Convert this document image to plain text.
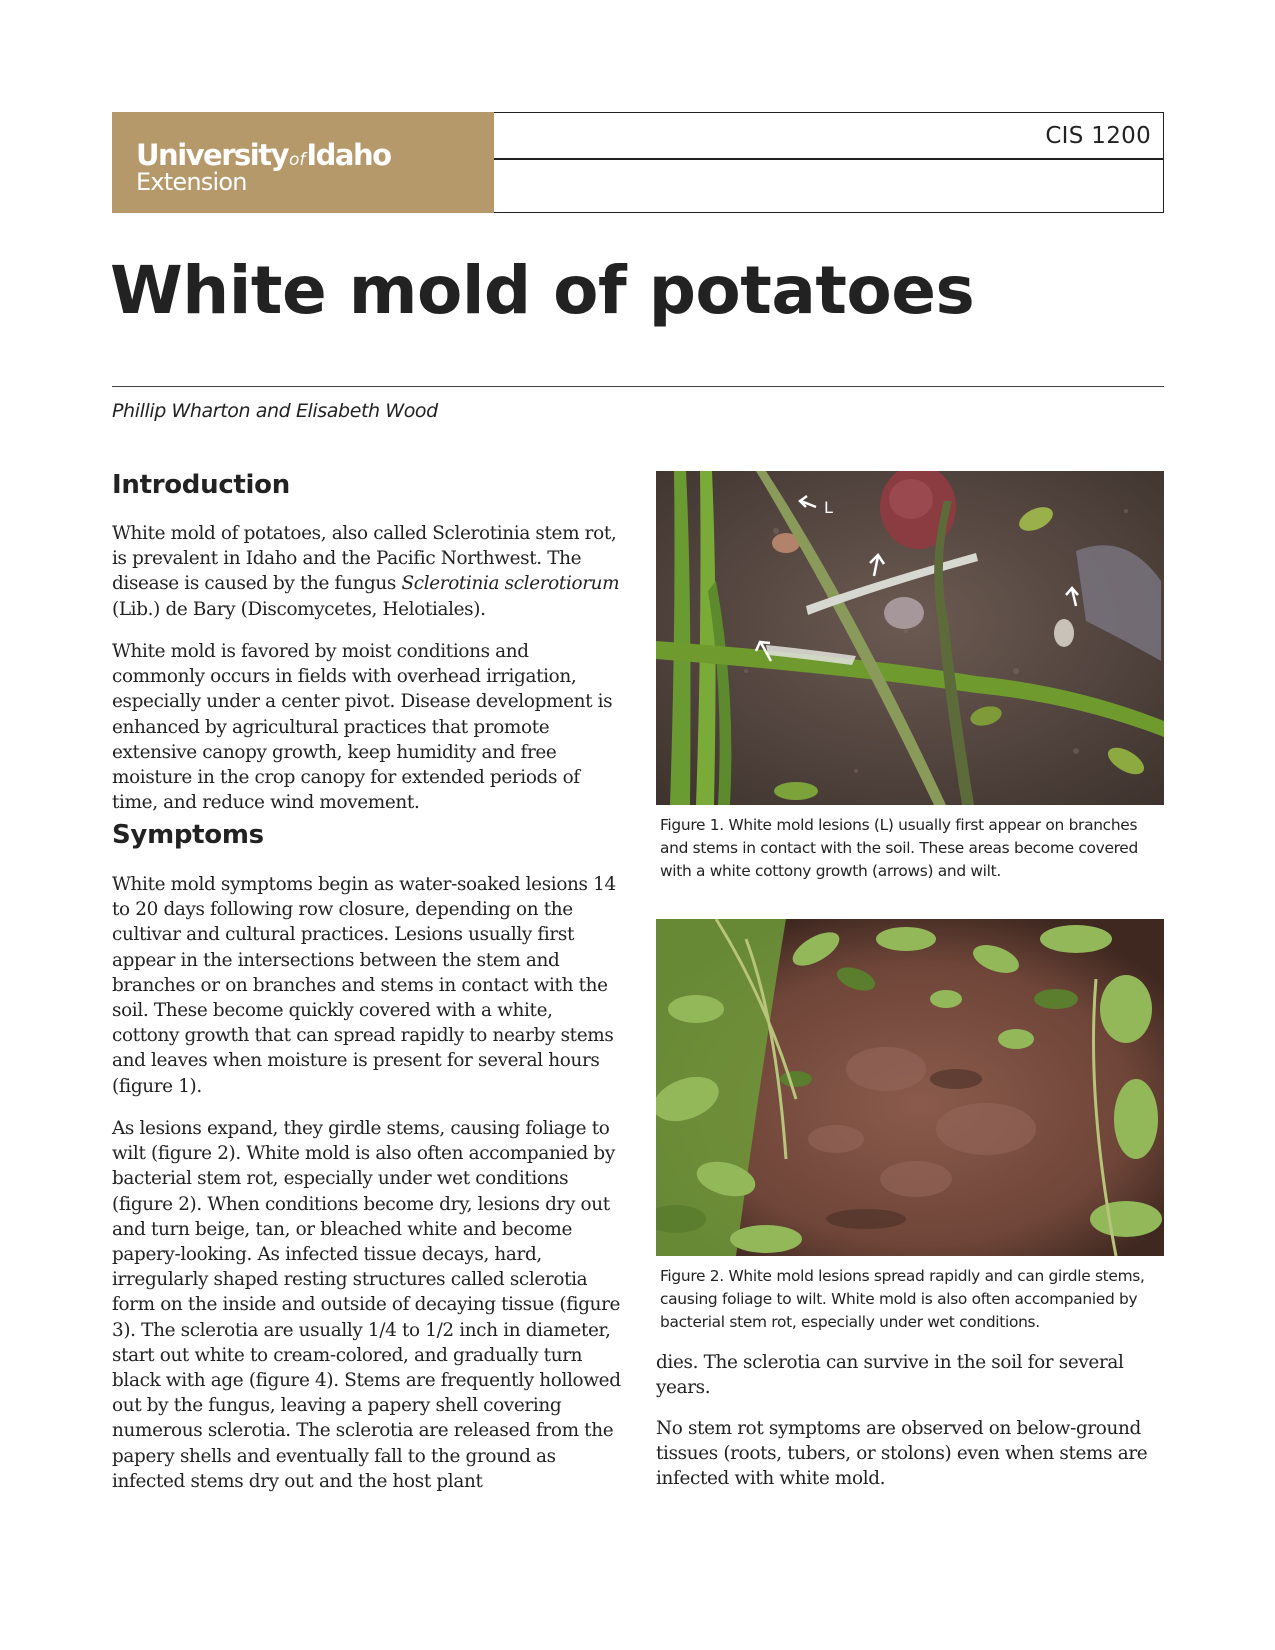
UniversityofIdaho
Extension
CIS 1200
White mold of potatoes
Phillip Wharton and Elisabeth Wood
Introduction

White mold of potatoes, also called Sclerotinia stem rot, is prevalent in Idaho and the Pacific Northwest. The disease is caused by the fungus Sclerotinia sclerotiorum (Lib.) de Bary (Discomycetes, Helotiales).

White mold is favored by moist conditions and commonly occurs in fields with overhead irrigation, especially under a center pivot. Disease development is enhanced by agricultural practices that promote extensive canopy growth, keep humidity and free moisture in the crop canopy for extended periods of time, and reduce wind movement.

Symptoms

White mold symptoms begin as water-soaked lesions 14 to 20 days following row closure, depending on the cultivar and cultural practices. Lesions usually first appear in the intersections between the stem and branches or on branches and stems in contact with the soil. These become quickly covered with a white, cottony growth that can spread rapidly to nearby stems and leaves when moisture is present for several hours (figure 1).

As lesions expand, they girdle stems, causing foliage to wilt (figure 2). White mold is also often accompanied by bacterial stem rot, especially under wet conditions (figure 2). When conditions become dry, lesions dry out and turn beige, tan, or bleached white and become papery-looking. As infected tissue decays, hard, irregularly shaped resting structures called sclerotia form on the inside and outside of decaying tissue (figure 3). The sclerotia are usually 1/4 to 1/2 inch in diameter, start out white to cream-colored, and gradually turn black with age (figure 4). Stems are frequently hollowed out by the fungus, leaving a papery shell covering numerous sclerotia. The sclerotia are released from the papery shells and eventually fall to the ground as infected stems dry out and the host plant

L
Figure 1. White mold lesions (L) usually first appear on branches and stems in contact with the soil. These areas become covered with a white cottony growth (arrows) and wilt.
Figure 2. White mold lesions spread rapidly and can girdle stems, causing foliage to wilt. White mold is also often accompanied by bacterial stem rot, especially under wet conditions.

dies. The sclerotia can survive in the soil for several years.

No stem rot symptoms are observed on below-ground tissues (roots, tubers, or stolons) even when stems are infected with white mold.
